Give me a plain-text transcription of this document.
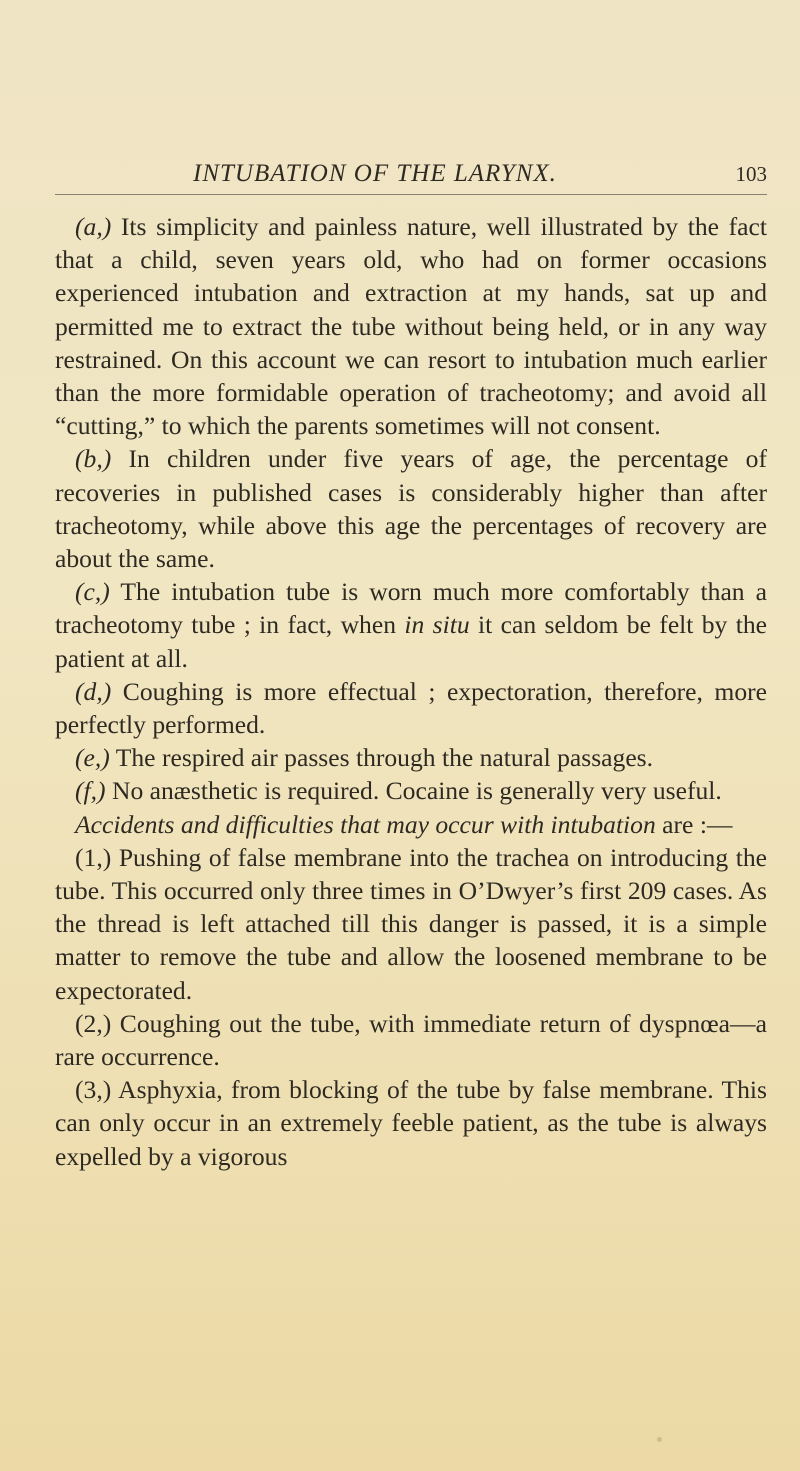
INTUBATION OF THE LARYNX.	103

(a,) Its simplicity and painless nature, well illustrated by the fact that a child, seven years old, who had on former occasions experienced intubation and extraction at my hands, sat up and permitted me to extract the tube without being held, or in any way restrained. On this account we can resort to intubation much earlier than the more formidable operation of tracheotomy; and avoid all “cutting,” to which the parents sometimes will not consent.

(b,) In children under five years of age, the percentage of recoveries in published cases is considerably higher than after tracheotomy, while above this age the percentages of recovery are about the same.

(c,) The intubation tube is worn much more comfortably than a tracheotomy tube ; in fact, when in situ it can seldom be felt by the patient at all.

(d,) Coughing is more effectual ; expectoration, therefore, more perfectly performed.

(e,) The respired air passes through the natural passages.

(f,) No anæsthetic is required. Cocaine is generally very useful.

Accidents and difficulties that may occur with intubation are :—

(1,) Pushing of false membrane into the trachea on introducing the tube. This occurred only three times in O’Dwyer’s first 209 cases. As the thread is left attached till this danger is passed, it is a simple matter to remove the tube and allow the loosened membrane to be expectorated.

(2,) Coughing out the tube, with immediate return of dyspnœa—a rare occurrence.

(3,) Asphyxia, from blocking of the tube by false membrane. This can only occur in an extremely feeble patient, as the tube is always expelled by a vigorous
